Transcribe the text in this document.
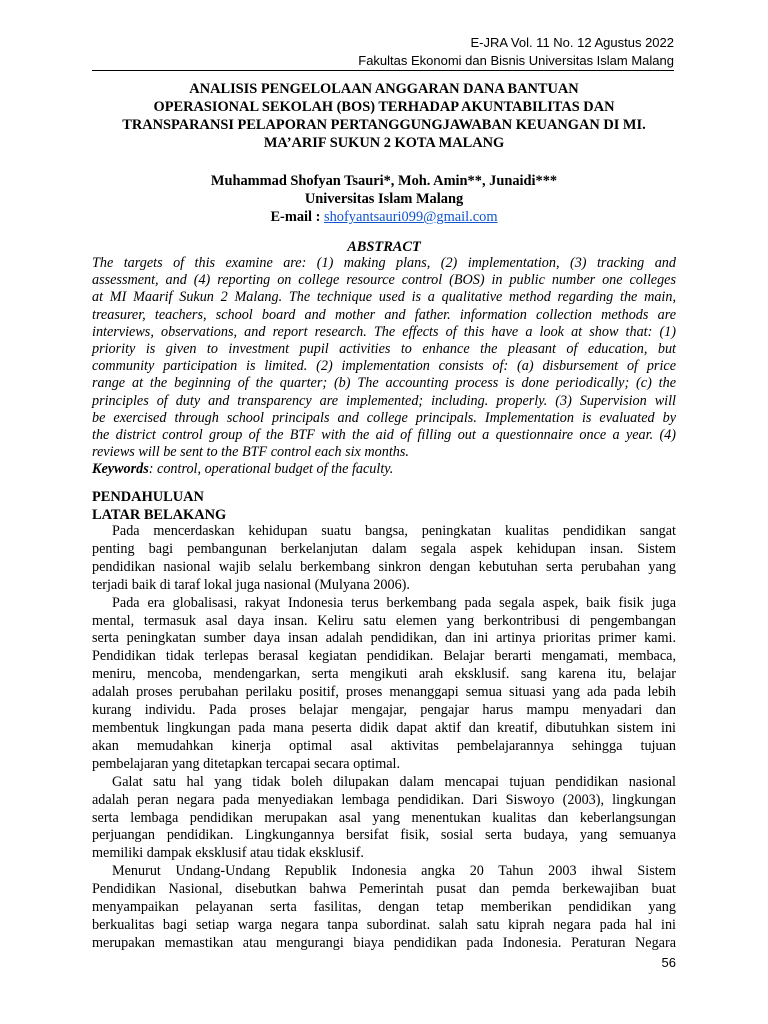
E-JRA Vol. 11 No. 12 Agustus 2022
Fakultas Ekonomi dan Bisnis Universitas Islam Malang
ANALISIS PENGELOLAAN ANGGARAN DANA BANTUAN
OPERASIONAL SEKOLAH (BOS) TERHADAP AKUNTABILITAS DAN
TRANSPARANSI PELAPORAN PERTANGGUNGJAWABAN KEUANGAN DI MI.
MA’ARIF SUKUN 2 KOTA MALANG
Muhammad Shofyan Tsauri*, Moh. Amin**, Junaidi***
Universitas Islam Malang
E-mail : shofyantsauri099@gmail.com
ABSTRACT
The targets of this examine are: (1) making plans, (2) implementation, (3) tracking and
assessment, and (4) reporting on college resource control (BOS) in public number one colleges
at MI Maarif Sukun 2 Malang. The technique used is a qualitative method regarding the main,
treasurer, teachers, school board and mother and father. information collection methods are
interviews, observations, and report research. The effects of this have a look at show that: (1)
priority is given to investment pupil activities to enhance the pleasant of education, but
community participation is limited. (2) implementation consists of: (a) disbursement of price
range at the beginning of the quarter; (b) The accounting process is done periodically; (c) the
principles of duty and transparency are implemented; including. properly. (3) Supervision will
be exercised through school principals and college principals. Implementation is evaluated by
the district control group of the BTF with the aid of filling out a questionnaire once a year. (4)
reviews will be sent to the BTF control each six months.
Keywords: control, operational budget of the faculty.
PENDAHULUAN
LATAR BELAKANG
Pada mencerdaskan kehidupan suatu bangsa, peningkatan kualitas pendidikan sangat
penting bagi pembangunan berkelanjutan dalam segala aspek kehidupan insan. Sistem
pendidikan nasional wajib selalu berkembang sinkron dengan kebutuhan serta perubahan yang
terjadi baik di taraf lokal juga nasional (Mulyana 2006).
Pada era globalisasi, rakyat Indonesia terus berkembang pada segala aspek, baik fisik juga
mental, termasuk asal daya insan. Keliru satu elemen yang berkontribusi di pengembangan
serta peningkatan sumber daya insan adalah pendidikan, dan ini artinya prioritas primer kami.
Pendidikan tidak terlepas berasal kegiatan pendidikan. Belajar berarti mengamati, membaca,
meniru, mencoba, mendengarkan, serta mengikuti arah eksklusif. sang karena itu, belajar
adalah proses perubahan perilaku positif, proses menanggapi semua situasi yang ada pada lebih
kurang individu. Pada proses belajar mengajar, pengajar harus mampu menyadari dan
membentuk lingkungan pada mana peserta didik dapat aktif dan kreatif, dibutuhkan sistem ini
akan memudahkan kinerja optimal asal aktivitas pembelajarannya sehingga tujuan
pembelajaran yang ditetapkan tercapai secara optimal.
Galat satu hal yang tidak boleh dilupakan dalam mencapai tujuan pendidikan nasional
adalah peran negara pada menyediakan lembaga pendidikan. Dari Siswoyo (2003), lingkungan
serta lembaga pendidikan merupakan asal yang menentukan kualitas dan keberlangsungan
perjuangan pendidikan. Lingkungannya bersifat fisik, sosial serta budaya, yang semuanya
memiliki dampak eksklusif atau tidak eksklusif.
Menurut Undang-Undang Republik Indonesia angka 20 Tahun 2003 ihwal Sistem
Pendidikan Nasional, disebutkan bahwa Pemerintah pusat dan pemda berkewajiban buat
menyampaikan pelayanan serta fasilitas, dengan tetap memberikan pendidikan yang
berkualitas bagi setiap warga negara tanpa subordinat. salah satu kiprah negara pada hal ini
merupakan memastikan atau mengurangi biaya pendidikan pada Indonesia. Peraturan Negara
56
